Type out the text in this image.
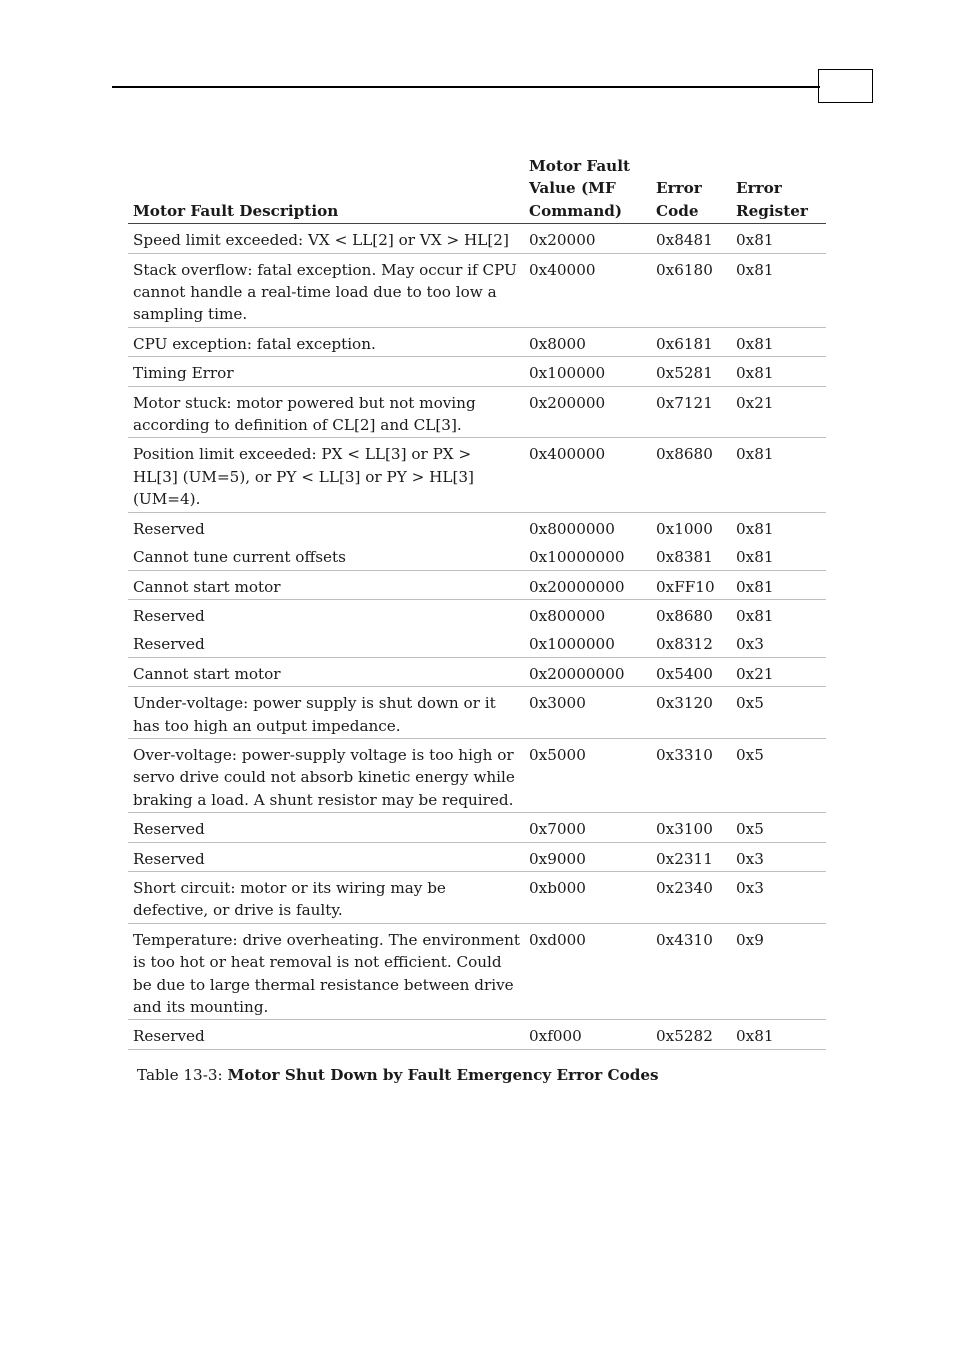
Motor Fault Description	Motor Fault Value (MF Command)	Error Code	Error Register
Speed limit exceeded: VX < LL[2] or VX > HL[2]	0x20000	0x8481	0x81
Stack overflow: fatal exception. May occur if CPU cannot handle a real-time load due to too low a sampling time.	0x40000	0x6180	0x81
CPU exception: fatal exception.	0x8000	0x6181	0x81
Timing Error	0x100000	0x5281	0x81
Motor stuck: motor powered but not moving according to definition of CL[2] and CL[3].	0x200000	0x7121	0x21
Position limit exceeded: PX < LL[3] or PX > HL[3] (UM=5), or PY < LL[3] or PY > HL[3] (UM=4).	0x400000	0x8680	0x81
Reserved	0x8000000	0x1000	0x81
Cannot tune current offsets	0x10000000	0x8381	0x81
Cannot start motor	0x20000000	0xFF10	0x81
Reserved	0x800000	0x8680	0x81
Reserved	0x1000000	0x8312	0x3
Cannot start motor	0x20000000	0x5400	0x21
Under-voltage: power supply is shut down or it has too high an output impedance.	0x3000	0x3120	0x5
Over-voltage: power-supply voltage is too high or servo drive could not absorb kinetic energy while braking a load. A shunt resistor may be required.	0x5000	0x3310	0x5
Reserved	0x7000	0x3100	0x5
Reserved	0x9000	0x2311	0x3
Short circuit: motor or its wiring may be defective, or drive is faulty.	0xb000	0x2340	0x3
Temperature: drive overheating. The environment is too hot or heat removal is not efficient. Could be due to large thermal resistance between drive and its mounting.	0xd000	0x4310	0x9
Reserved	0xf000	0x5282	0x81
Table 13-3: Motor Shut Down by Fault Emergency Error Codes
